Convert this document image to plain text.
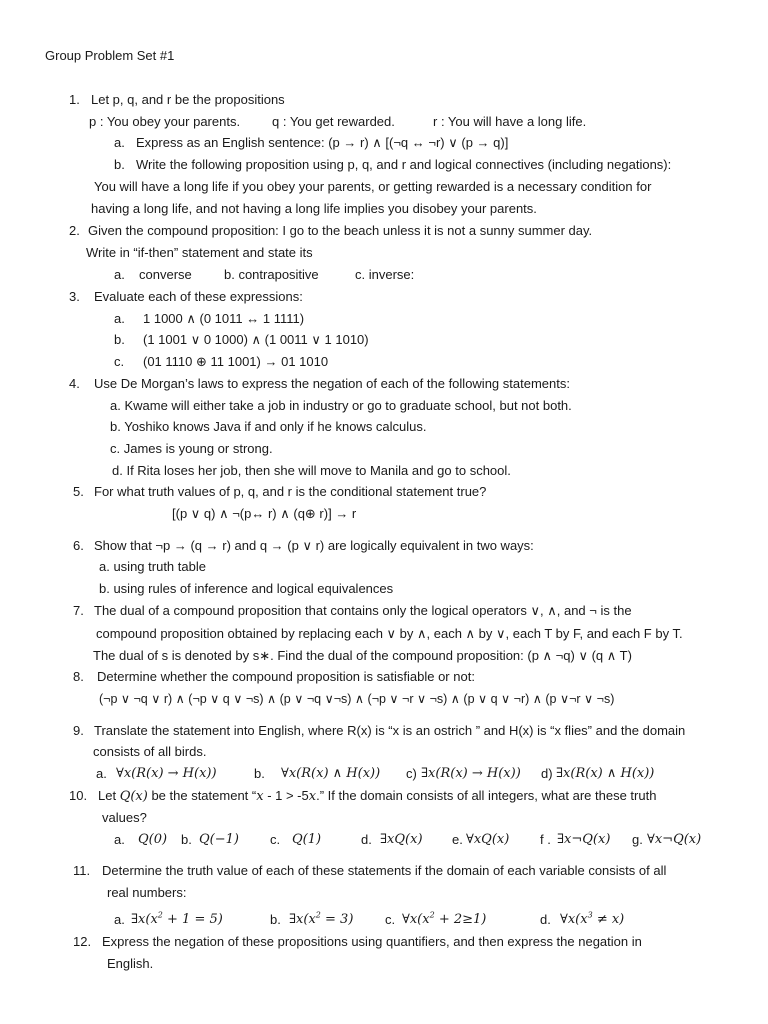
Group Problem Set #1
1. Let p, q, and r be the propositions
p : You obey your parents. q : You get rewarded.	r : You will have a long life.
a. Express as an English sentence: (p → r) ∧ [(¬q ↔ ¬r) ∨ (p → q)]
b. Write the following proposition using p, q, and r and logical connectives (including negations):
You will have a long life if you obey your parents, or getting rewarded is a necessary condition for
having a long life, and not having a long life implies you disobey your parents.
2. Given the compound proposition: I go to the beach unless it is not a sunny summer day.
Write in “if-then” statement and state its
a. converse b. contrapositive	c. inverse:
3. Evaluate each of these expressions:
a. 1 1000 ∧ (0 1011 ↔ 1 1111)
b. (1 1001 ∨ 0 1000) ∧ (1 0011 ∨ 1 1010)
c. (01 1110 ⊕ 11 1001) → 01 1010
4. Use De Morgan’s laws to express the negation of each of the following statements:
a. Kwame will either take a job in industry or go to graduate school, but not both.
b. Yoshiko knows Java if and only if he knows calculus.
c. James is young or strong.
d. If Rita loses her job, then she will move to Manila and go to school.
5. For what truth values of p, q, and r is the conditional statement true?
[(p ∨ q) ∧ ¬(p↔ r) ∧ (q⊕ r)] → r
6. Show that ¬p → (q → r) and q → (p ∨ r) are logically equivalent in two ways:
a. using truth table
b. using rules of inference and logical equivalences
7. The dual of a compound proposition that contains only the logical operators ∨, ∧, and ¬ is the
compound proposition obtained by replacing each ∨ by ∧, each ∧ by ∨, each T by F, and each F by T.
The dual of s is denoted by s∗. Find the dual of the compound proposition: (p ∧ ¬q) ∨ (q ∧ T)
8. Determine whether the compound proposition is satisfiable or not:
(¬p ∨ ¬q ∨ r) ∧ (¬p ∨ q ∨ ¬s) ∧ (p ∨ ¬q ∨¬s) ∧ (¬p ∨ ¬r ∨ ¬s) ∧ (p ∨ q ∨ ¬r) ∧ (p ∨¬r ∨ ¬s)
9. Translate the statement into English, where R(x) is “x is an ostrich ” and H(x) is “x flies” and the domain
consists of all birds.
a. ∀x(R(x) → H(x))	b. ∀x(R(x) ∧ H(x)) c) ∃x(R(x) → H(x)) d) ∃x(R(x) ∧ H(x))
10. Let Q(x) be the statement “x - 1 > -5x.” If the domain consists of all integers, what are these truth
values?
a. Q(0) b. Q(−1) c. Q(1)	d. ∃xQ(x) e. ∀xQ(x) f . ∃x¬Q(x) g. ∀x¬Q(x)
11. Determine the truth value of each of these statements if the domain of each variable consists of all
real numbers:
a. $\exists x(x^2 + 1 = 5)$	b. $\exists x(x^2 = 3)$ c. $\forall x(x^2 + 2\ge 1)$	d. $\forall x(x^3 \ne x)$
12. Express the negation of these propositions using quantifiers, and then express the negation in
English.
